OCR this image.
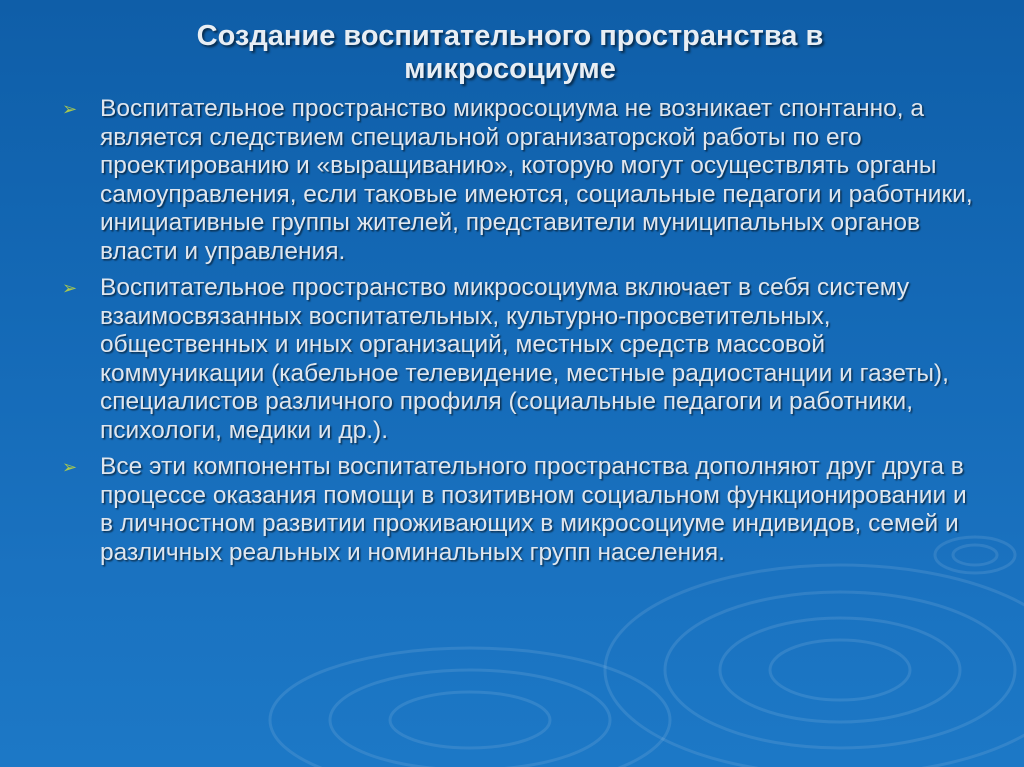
Создание воспитательного пространства в
микросоциуме
➢ Воспитательное пространство микросоциума не возникает спонтанно, а является следствием специальной организаторской работы по его проектированию и «выращиванию», которую могут осуществлять органы самоуправления, если таковые имеются, социальные педагоги и работники, инициативные группы жителей, представители муниципальных органов власти и управления.
➢ Воспитательное пространство микросоциума включает в себя систему взаимосвязанных воспитательных, культурно-просветительных, общественных и иных организаций, местных средств массовой коммуникации (кабельное телевидение, местные радиостанции и газеты), специалистов различного профиля (социальные педагоги и работники, психологи, медики и др.).
➢ Все эти компоненты воспитательного пространства дополняют друг друга в процессе оказания помощи в позитивном социальном функционировании и в личностном развитии проживающих в микросоциуме индивидов, семей и различных реальных и номинальных групп населения.
